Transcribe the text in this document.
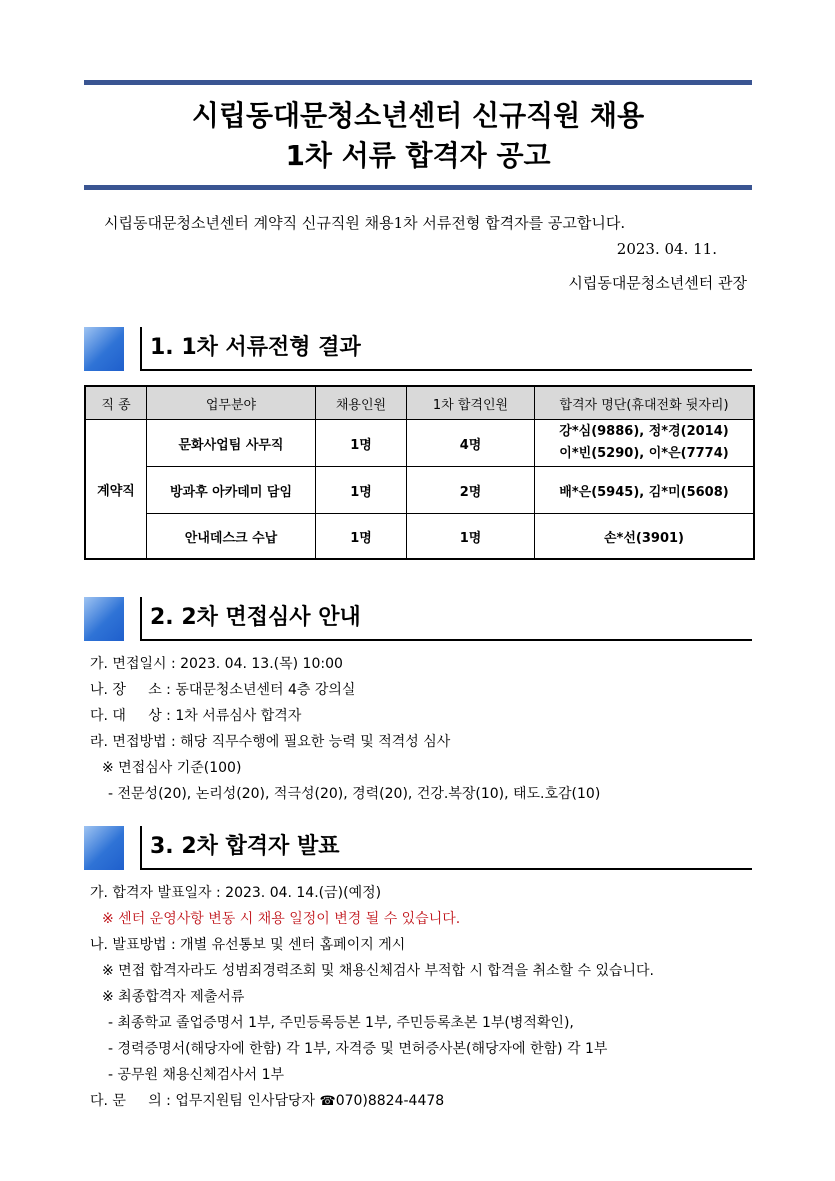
시립동대문청소년센터 신규직원 채용
1차 서류 합격자 공고
시립동대문청소년센터 계약직 신규직원 채용1차 서류전형 합격자를 공고합니다.
2023. 04. 11.
시립동대문청소년센터 관장
1. 1차 서류전형 결과
직 종	업무분야	채용인원	1차 합격인원	합격자 명단(휴대전화 뒷자리)
계약직	문화사업팀 사무직	1명	4명	강*심(9886), 정*경(2014)
이*빈(5290), 이*은(7774)

	방과후 아카데미 담임	1명	2명	배*은(5945), 김*미(5608)
	안내데스크 수납	1명	1명	손*선(3901)
2. 2차 면접심사 안내
가. 면접일시 : 2023. 04. 13.(목) 10:00
나. 장     소 : 동대문청소년센터 4층 강의실
다. 대     상 : 1차 서류심사 합격자
라. 면접방법 : 해당 직무수행에 필요한 능력 및 적격성 심사
※ 면접심사 기준(100)
- 전문성(20), 논리성(20), 적극성(20), 경력(20), 건강.복장(10), 태도.호감(10)
3. 2차 합격자 발표
가. 합격자 발표일자 : 2023. 04. 14.(금)(예정)
※ 센터 운영사항 변동 시 채용 일정이 변경 될 수 있습니다.
나. 발표방법 : 개별 유선통보 및 센터 홈페이지 게시
※ 면접 합격자라도 성범죄경력조회 및 채용신체검사 부적합 시 합격을 취소할 수 있습니다.
※ 최종합격자 제출서류
- 최종학교 졸업증명서 1부, 주민등록등본 1부, 주민등록초본 1부(병적확인),
- 경력증명서(해당자에 한함) 각 1부, 자격증 및 면허증사본(해당자에 한함) 각 1부
- 공무원 채용신체검사서 1부
다. 문     의 : 업무지원팀 인사담당자 ☎070)8824-4478
